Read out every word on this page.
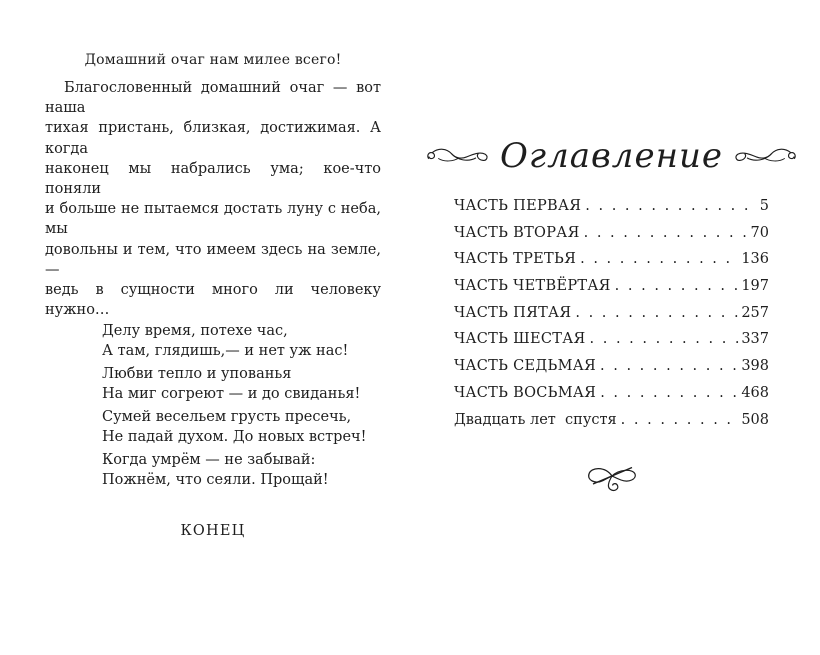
Домашний очаг нам милее всего!
Благословенный домашний очаг — вот наша
тихая пристань, близкая, достижимая. А когда
наконец мы набрались ума; кое-что поняли
и больше не пытаемся достать луну с неба, мы
довольны и тем, что имеем здесь на земле,—
ведь в сущности много ли человеку нужно…
Делу время, потехе час,
А там, глядишь,— и нет уж нас!
Любви тепло и упованья
На миг согреют — и до свиданья!
Сумей весельем грусть пресечь,
Не падай духом. До новых встреч!
Когда умрём — не забывай:
Пожнём, что сеяли. Прощай!
КОНЕЦ
Оглавление
ЧАСТЬ ПЕРВАЯ . . .	5
ЧАСТЬ ВТОРАЯ . . .	70
ЧАСТЬ ТРЕТЬЯ . . .	136
ЧАСТЬ ЧЕТВЁРТАЯ . . .	197
ЧАСТЬ ПЯТАЯ . . .	257
ЧАСТЬ ШЕСТАЯ . . .	337
ЧАСТЬ СЕДЬМАЯ . . .	398
ЧАСТЬ ВОСЬМАЯ . . .	468
Двадцать лет  спустя . . .	508
